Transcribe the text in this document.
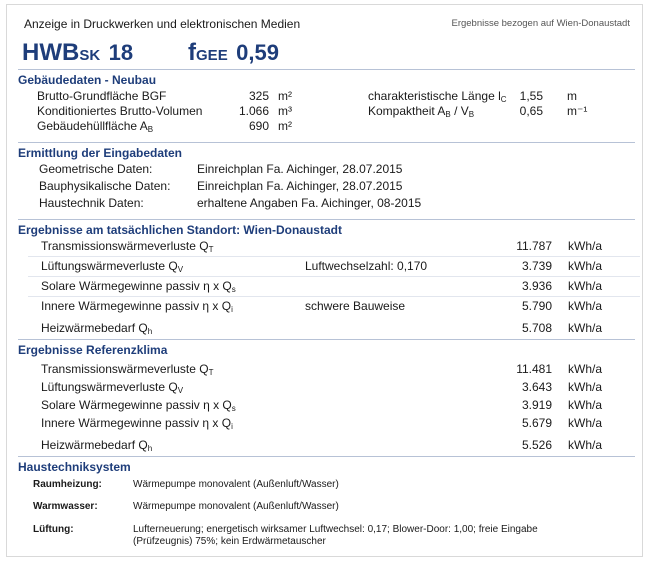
Anzeige in Druckwerken und elektronischen Medien	Ergebnisse bezogen auf Wien-Donaustadt
HWBSK 18 fGEE 0,59
Gebäudedaten - Neubau
Brutto-Grundfläche BGF	325 m²
Konditioniertes Brutto-Volumen	1.066 m³
Gebäudehüllfläche $A_B$	690 m²
charakteristische Länge $l_C$	1,55 m
Kompaktheit $A_B / V_B$	0,65 m⁻¹
Ermittlung der Eingabedaten
Geometrische Daten:	Einreichplan Fa. Aichinger, 28.07.2015
Bauphysikalische Daten: Einreichplan Fa. Aichinger, 28.07.2015
Haustechnik Daten:	erhaltene Angaben Fa. Aichinger, 08-2015
Ergebnisse am tatsächlichen Standort: Wien-Donaustadt
Transmissionswärmeverluste $Q_T$	11.787 kWh/a
Lüftungswärmeverluste $Q_V$	Luftwechselzahl: 0,170	3.739 kWh/a
Solare Wärmegewinne passiv η x $Q_s$	3.936 kWh/a
Innere Wärmegewinne passiv η x $Q_i$	schwere Bauweise	5.790 kWh/a
Heizwärmebedarf $Q_h$	5.708 kWh/a
Ergebnisse Referenzklima
Transmissionswärmeverluste $Q_T$	11.481 kWh/a
Lüftungswärmeverluste $Q_V$	3.643 kWh/a
Solare Wärmegewinne passiv η x $Q_s$	3.919 kWh/a
Innere Wärmegewinne passiv η x $Q_i$	5.679 kWh/a
Heizwärmebedarf $Q_h$	5.526 kWh/a
Haustechniksystem
Raumheizung:	Wärmepumpe monovalent (Außenluft/Wasser)
Warmwasser:	Wärmepumpe monovalent (Außenluft/Wasser)
Lüftung:	Lufterneuerung; energetisch wirksamer Luftwechsel: 0,17; Blower-Door: 1,00; freie Eingabe
(Prüfzeugnis) 75%; kein Erdwärmetauscher
